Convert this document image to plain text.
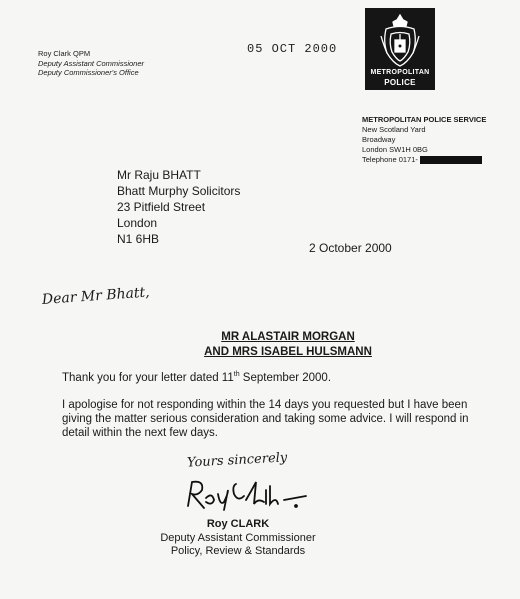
Roy Clark QPM
Deputy Assistant Commissioner
Deputy Commissioner's Office
05 OCT 2000
METROPOLITAN
POLICE
METROPOLITAN POLICE SERVICE
New Scotland Yard
Broadway
London SW1H 0BG
Telephone 0171-
Mr Raju BHATT
Bhatt Murphy Solicitors
23 Pitfield Street
London
N1 6HB
2 October 2000
Dear Mr Bhatt,
MR ALASTAIR MORGAN
AND MRS ISABEL HULSMANN
Thank you for your letter dated 11th September 2000.
I apologise for not responding within the 14 days you requested but I have been giving the matter serious consideration and taking some advice. I will respond in detail within the next few days.
Yours sincerely
Roy CLARK
Deputy Assistant Commissioner
Policy, Review & Standards
